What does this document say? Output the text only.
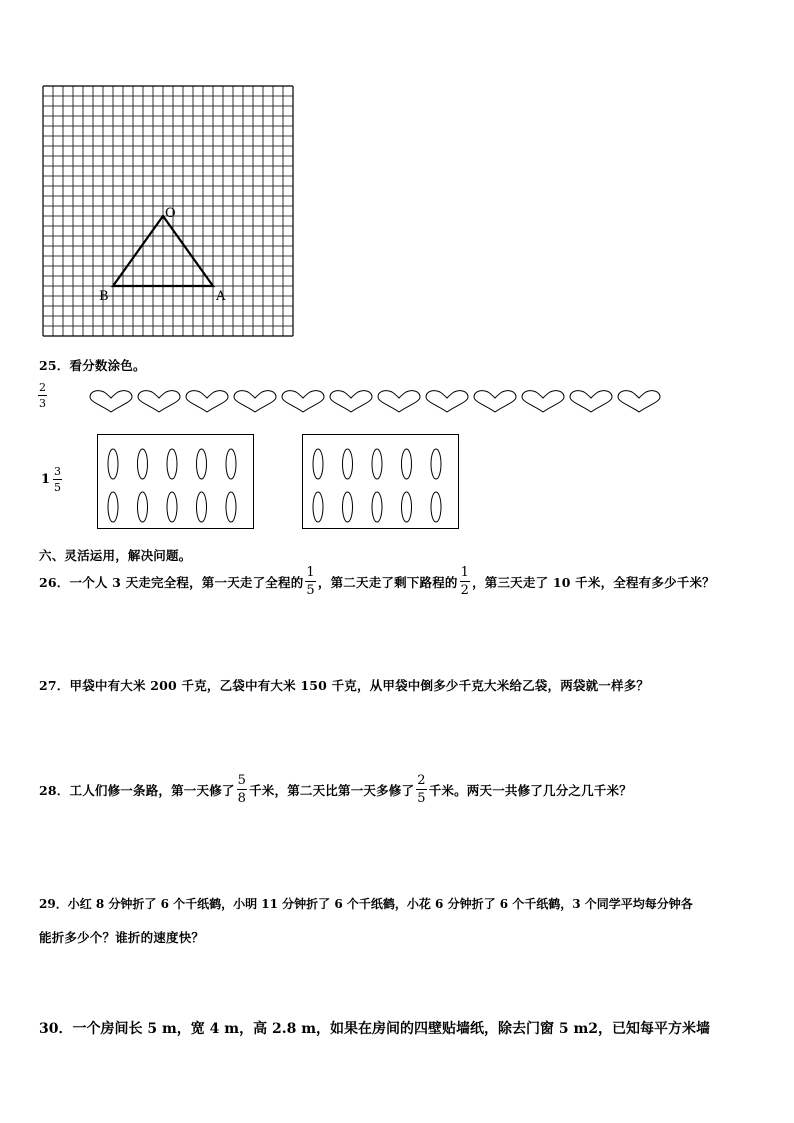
O
B	A
25．看分数涂色。
$\frac{2}{3}$
$1 \frac{3}{5}$
六、灵活运用，解决问题。
26．一个人 3 天走完全程，第一天走了全程的 $\frac{1}{5}$ ，第二天走了剩下路程的 $\frac{1}{2}$ ，第三天走了 10 千米，全程有多少千米？
27．甲袋中有大米 200 千克，乙袋中有大米 150 千克，从甲袋中倒多少千克大米给乙袋，两袋就一样多？
28．工人们修一条路，第一天修了 $\frac{5}{8}$ 千米，第二天比第一天多修了 $\frac{2}{5}$ 千米。两天一共修了几分之几千米？
29．小红 8 分钟折了 6 个千纸鹤，小明 11 分钟折了 6 个千纸鹤，小花 6 分钟折了 6 个千纸鹤，3 个同学平均每分钟各
能折多少个？谁折的速度快？
30．一个房间长 5 m，宽 4 m，高 2.8 m，如果在房间的四壁贴墙纸，除去门窗 5 m2，已知每平方米墙
